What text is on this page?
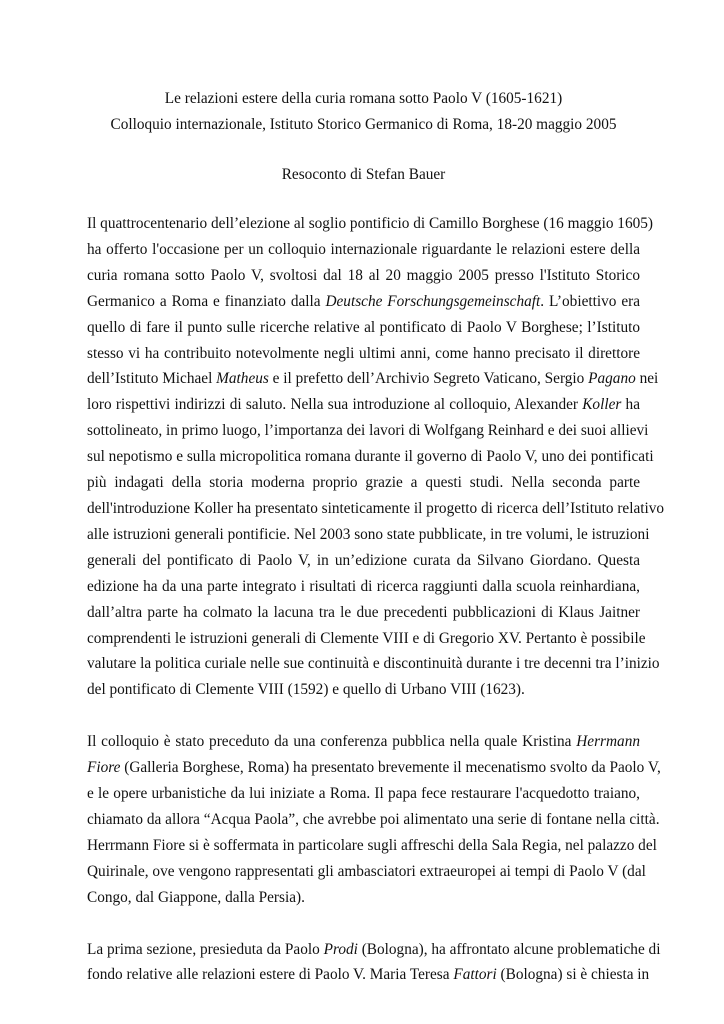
Le relazioni estere della curia romana sotto Paolo V (1605-1621)
Colloquio internazionale, Istituto Storico Germanico di Roma, 18-20 maggio 2005
Resoconto di Stefan Bauer
Il quattrocentenario dell’elezione al soglio pontificio di Camillo Borghese (16 maggio 1605)
ha offerto l'occasione per un colloquio internazionale riguardante le relazioni estere della
curia romana sotto Paolo V, svoltosi dal 18 al 20 maggio 2005 presso l'Istituto Storico
Germanico a Roma e finanziato dalla Deutsche Forschungsgemeinschaft. L’obiettivo era
quello di fare il punto sulle ricerche relative al pontificato di Paolo V Borghese; l’Istituto
stesso vi ha contribuito notevolmente negli ultimi anni, come hanno precisato il direttore
dell’Istituto Michael Matheus e il prefetto dell’Archivio Segreto Vaticano, Sergio Pagano nei
loro rispettivi indirizzi di saluto. Nella sua introduzione al colloquio, Alexander Koller ha
sottolineato, in primo luogo, l’importanza dei lavori di Wolfgang Reinhard e dei suoi allievi
sul nepotismo e sulla micropolitica romana durante il governo di Paolo V, uno dei pontificati
più indagati della storia moderna proprio grazie a questi studi. Nella seconda parte
dell'introduzione Koller ha presentato sinteticamente il progetto di ricerca dell’Istituto relativo
alle istruzioni generali pontificie. Nel 2003 sono state pubblicate, in tre volumi, le istruzioni
generali del pontificato di Paolo V, in un’edizione curata da Silvano Giordano. Questa
edizione ha da una parte integrato i risultati di ricerca raggiunti dalla scuola reinhardiana,
dall’altra parte ha colmato la lacuna tra le due precedenti pubblicazioni di Klaus Jaitner
comprendenti le istruzioni generali di Clemente VIII e di Gregorio XV. Pertanto è possibile
valutare la politica curiale nelle sue continuità e discontinuità durante i tre decenni tra l’inizio
del pontificato di Clemente VIII (1592) e quello di Urbano VIII (1623).
Il colloquio è stato preceduto da una conferenza pubblica nella quale Kristina Herrmann
Fiore (Galleria Borghese, Roma) ha presentato brevemente il mecenatismo svolto da Paolo V,
e le opere urbanistiche da lui iniziate a Roma. Il papa fece restaurare l'acquedotto traiano,
chiamato da allora “Acqua Paola”, che avrebbe poi alimentato una serie di fontane nella città.
Herrmann Fiore si è soffermata in particolare sugli affreschi della Sala Regia, nel palazzo del
Quirinale, ove vengono rappresentati gli ambasciatori extraeuropei ai tempi di Paolo V (dal
Congo, dal Giappone, dalla Persia).
La prima sezione, presieduta da Paolo Prodi (Bologna), ha affrontato alcune problematiche di
fondo relative alle relazioni estere di Paolo V. Maria Teresa Fattori (Bologna) si è chiesta in
